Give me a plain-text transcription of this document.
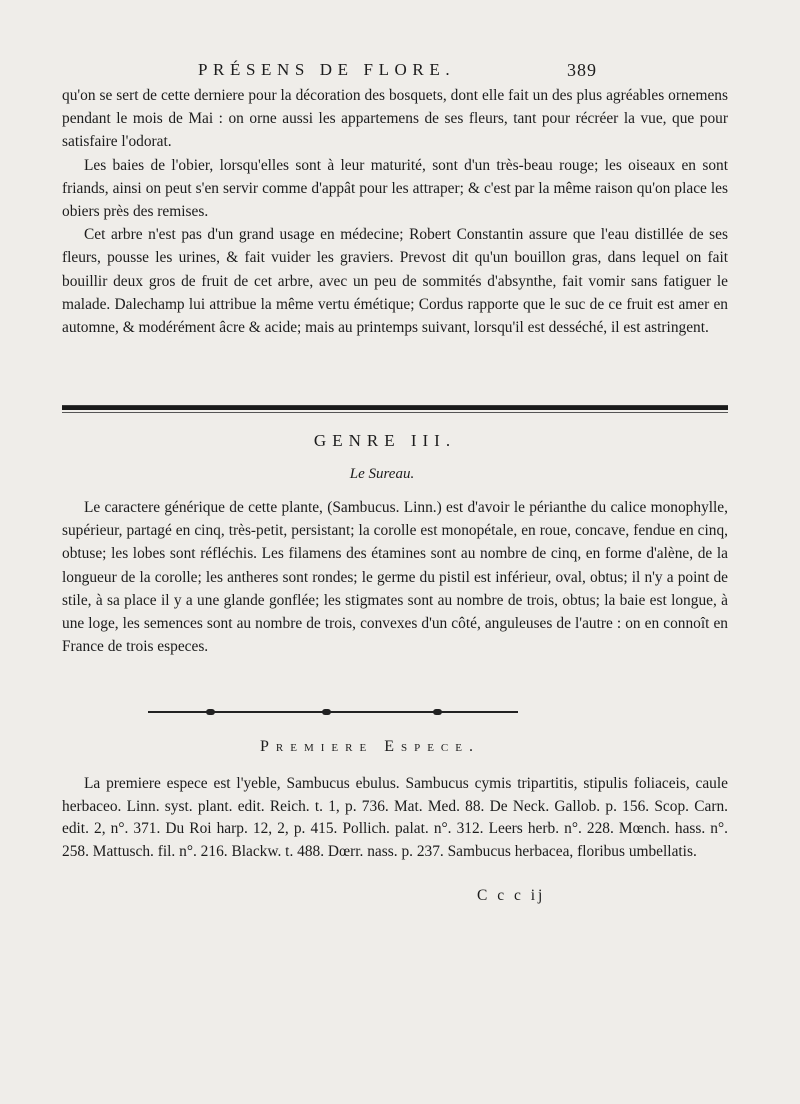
PRÉSENS DE FLORE.	389

qu'on se sert de cette derniere pour la décoration des bosquets, dont elle fait un des plus agréables ornemens pendant le mois de Mai : on orne aussi les appartemens de ses fleurs, tant pour récréer la vue, que pour satisfaire l'odorat.

Les baies de l'obier, lorsqu'elles sont à leur maturité, sont d'un très-beau rouge; les oiseaux en sont friands, ainsi on peut s'en servir comme d'appât pour les attraper; & c'est par la même raison qu'on place les obiers près des remises.

Cet arbre n'est pas d'un grand usage en médecine; Robert Constantin assure que l'eau distillée de ses fleurs, pousse les urines, & fait vuider les graviers. Prevost dit qu'un bouillon gras, dans lequel on fait bouillir deux gros de fruit de cet arbre, avec un peu de sommités d'absynthe, fait vomir sans fatiguer le malade. Dalechamp lui attribue la même vertu émétique; Cordus rapporte que le suc de ce fruit est amer en automne, & modérément âcre & acide; mais au printemps suivant, lorsqu'il est desséché, il est astringent.

GENRE III.
Le Sureau.

Le caractere générique de cette plante, (Sambucus. Linn.) est d'avoir le périanthe du calice monophylle, supérieur, partagé en cinq, très-petit, persistant; la corolle est monopétale, en roue, concave, fendue en cinq, obtuse; les lobes sont réfléchis. Les filamens des étamines sont au nombre de cinq, en forme d'alène, de la longueur de la corolle; les antheres sont rondes; le germe du pistil est inférieur, oval, obtus; il n'y a point de stile, à sa place il y a une glande gonflée; les stigmates sont au nombre de trois, obtus; la baie est longue, à une loge, les semences sont au nombre de trois, convexes d'un côté, anguleuses de l'autre : on en connoît en France de trois especes.

Premiere Espece.

La premiere espece est l'yeble, Sambucus ebulus. Sambucus cymis tripartitis, stipulis foliaceis, caule herbaceo. Linn. syst. plant. edit. Reich. t. 1, p. 736. Mat. Med. 88. De Neck. Gallob. p. 156. Scop. Carn. edit. 2, n°. 371. Du Roi harp. 12, 2, p. 415. Pollich. palat. n°. 312. Leers herb. n°. 228. Mœnch. hass. n°. 258. Mattusch. fil. n°. 216. Blackw. t. 488. Dœrr. nass. p. 237. Sambucus herbacea, floribus umbellatis.

C c c ij
